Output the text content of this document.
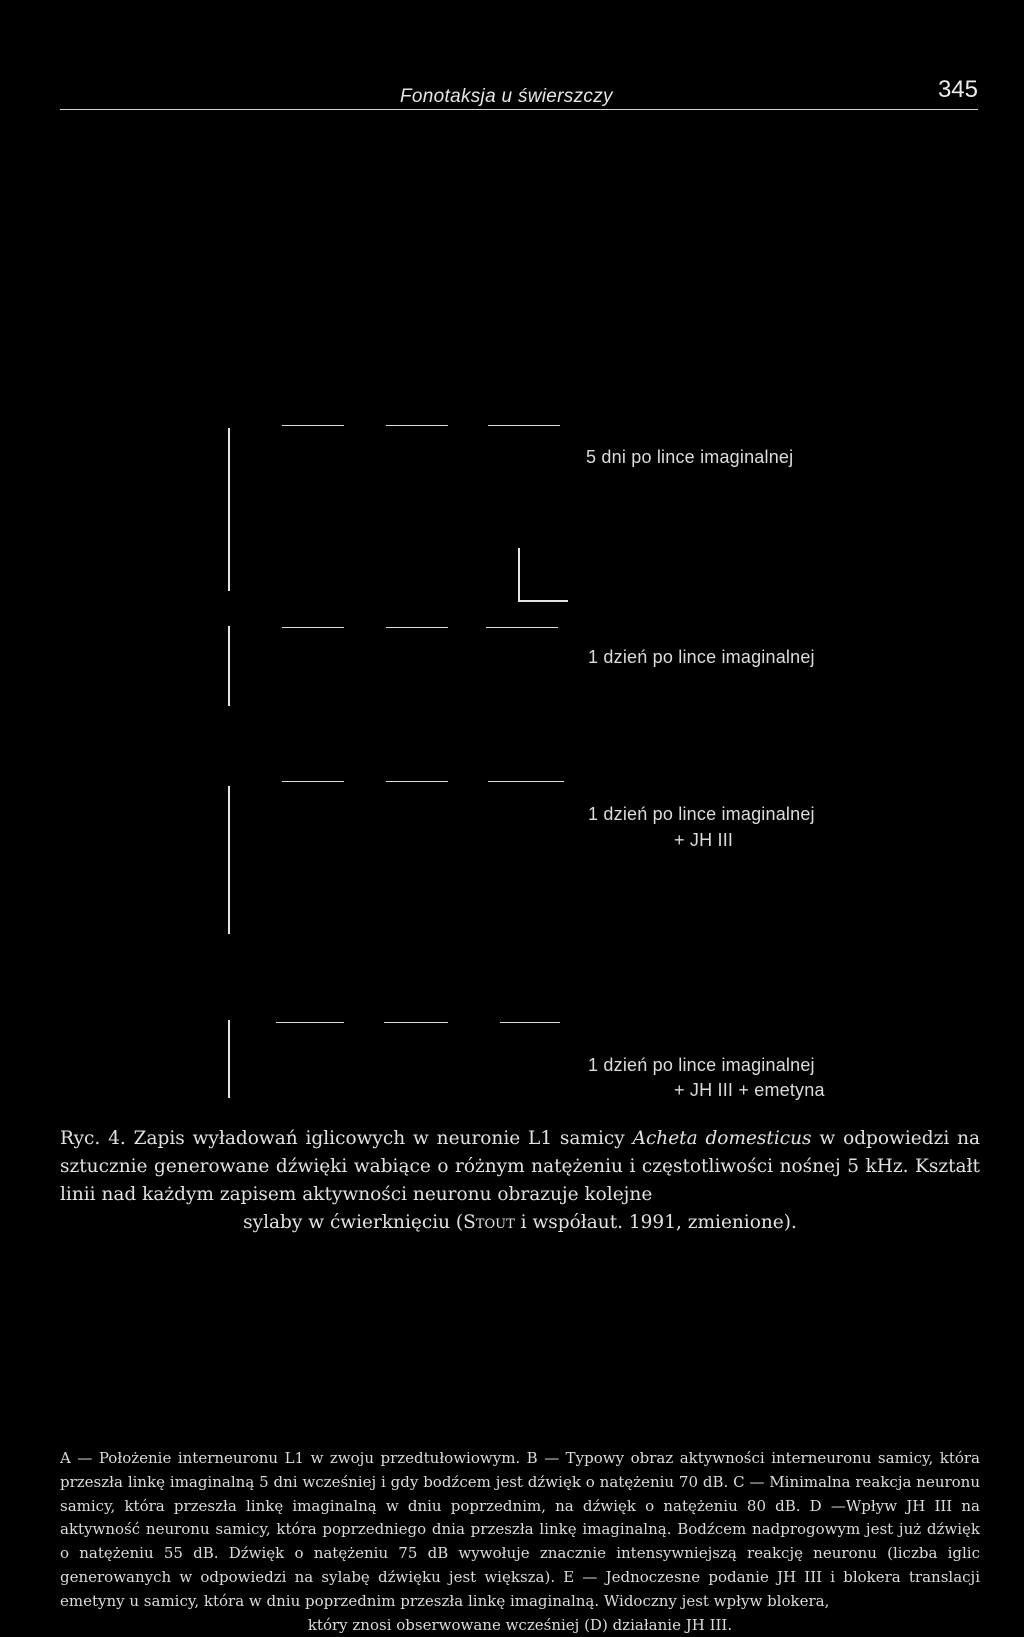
Fonotaksja u świerszczy	345
5 dni po lince imaginalnej
1 dzień po lince imaginalnej
1 dzień po lince imaginalnej
+ JH III
1 dzień po lince imaginalnej
+ JH III + emetyna

Ryc. 4. Zapis wyładowań iglicowych w neuronie L1 samicy Acheta domesticus w odpowiedzi na sztucznie generowane dźwięki wabiące o różnym natężeniu i częstotliwości nośnej 5 kHz. Kształt linii nad każdym zapisem aktywności neuronu obrazuje kolejne
sylaby w ćwierknięciu (Stout i współaut. 1991, zmienione).

A — Położenie interneuronu L1 w zwoju przedtułowiowym. B — Typowy obraz aktywności interneuronu samicy, która przeszła linkę imaginalną 5 dni wcześniej i gdy bodźcem jest dźwięk o natężeniu 70 dB. C — Minimalna reakcja neuronu samicy, która przeszła linkę imaginalną w dniu poprzednim, na dźwięk o natężeniu 80 dB. D —Wpływ JH III na aktywność neuronu samicy, która poprzedniego dnia przeszła linkę imaginalną. Bodźcem nadprogowym jest już dźwięk o natężeniu 55 dB. Dźwięk o natężeniu 75 dB wywołuje znacznie intensywniejszą reakcję neuronu (liczba iglic generowanych w odpowiedzi na sylabę dźwięku jest większa). E — Jednoczesne podanie JH III i blokera translacji emetyny u samicy, która w dniu poprzednim przeszła linkę imaginalną. Widoczny jest wpływ blokera,
który znosi obserwowane wcześniej (D) działanie JH III.
